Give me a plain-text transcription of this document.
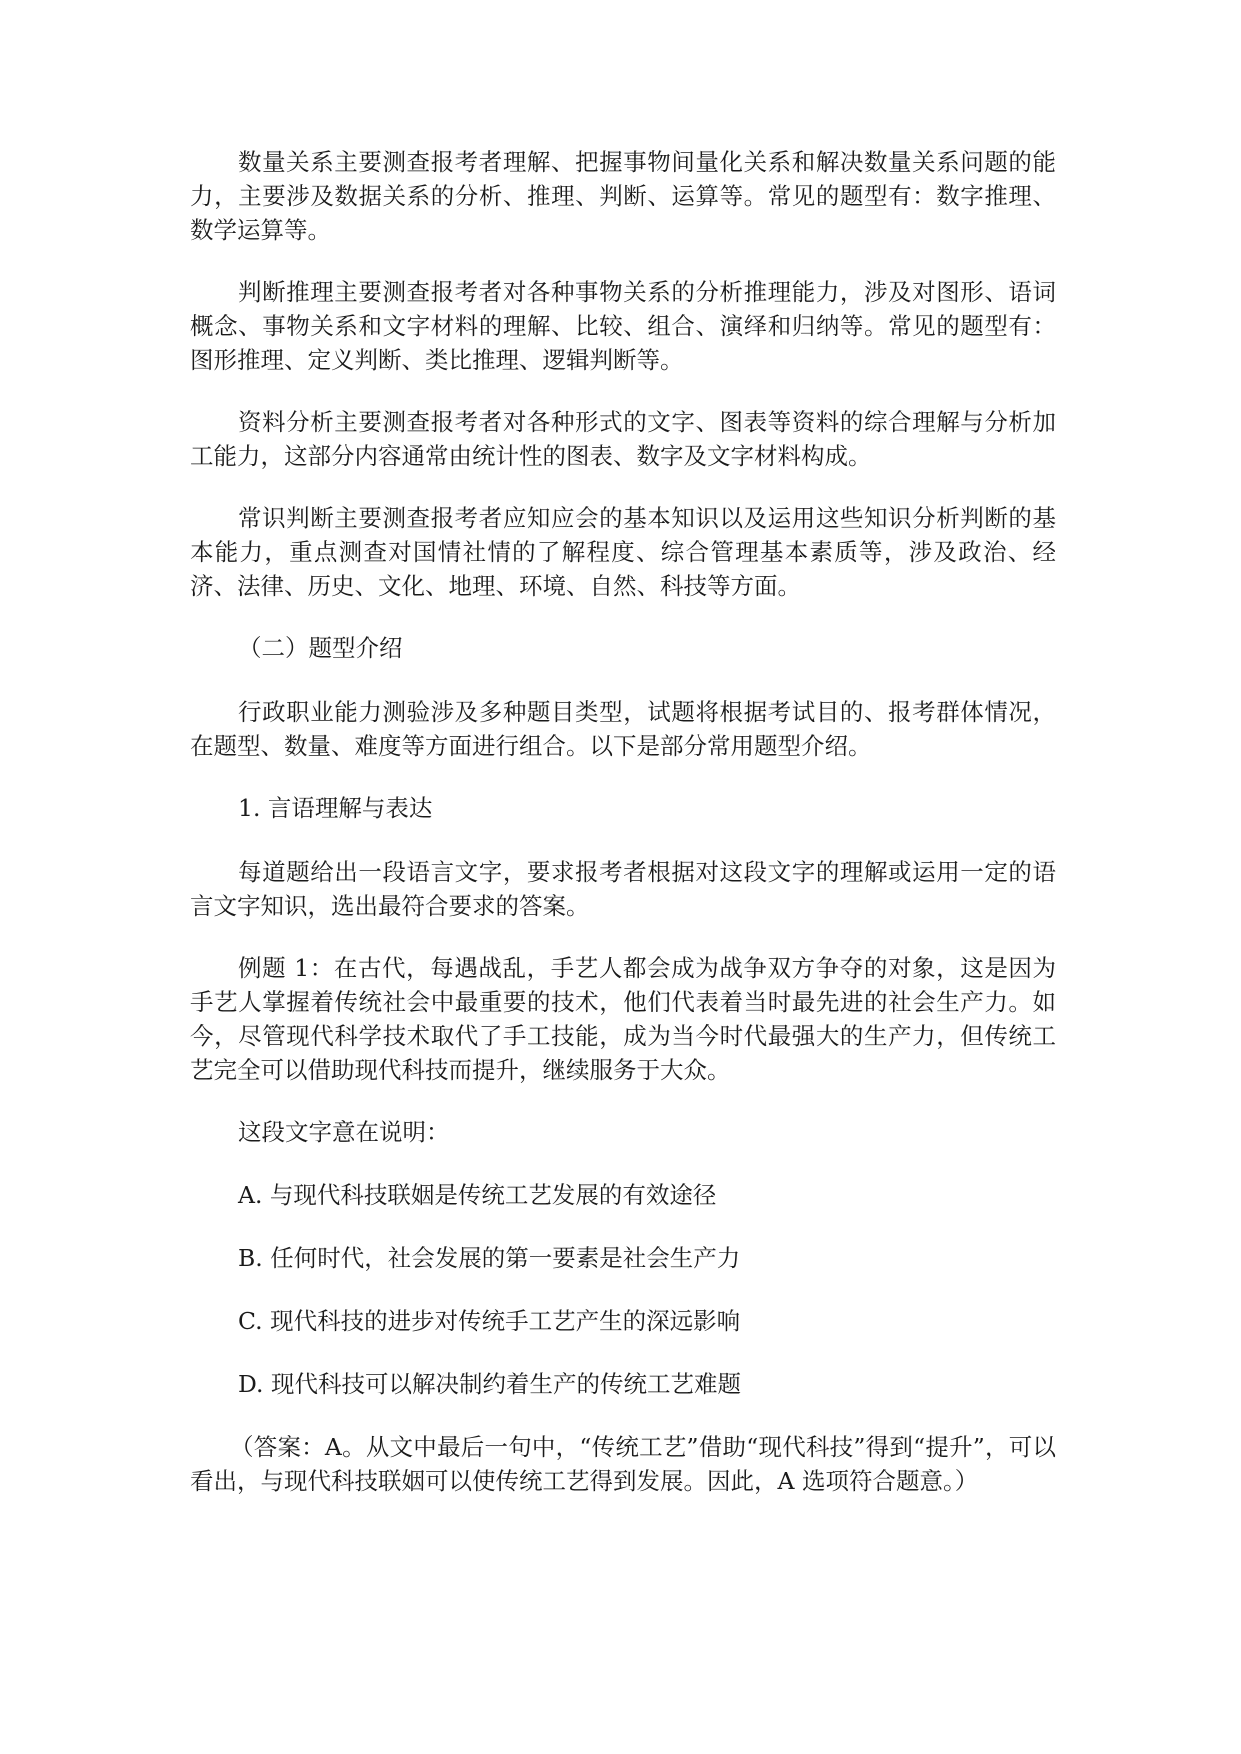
数量关系主要测查报考者理解、把握事物间量化关系和解决数量关系问题的能力，主要涉及数据关系的分析、推理、判断、运算等。常见的题型有：数字推理、数学运算等。

判断推理主要测查报考者对各种事物关系的分析推理能力，涉及对图形、语词概念、事物关系和文字材料的理解、比较、组合、演绎和归纳等。常见的题型有：图形推理、定义判断、类比推理、逻辑判断等。

资料分析主要测查报考者对各种形式的文字、图表等资料的综合理解与分析加工能力，这部分内容通常由统计性的图表、数字及文字材料构成。

常识判断主要测查报考者应知应会的基本知识以及运用这些知识分析判断的基本能力，重点测查对国情社情的了解程度、综合管理基本素质等，涉及政治、经济、法律、历史、文化、地理、环境、自然、科技等方面。

（二）题型介绍

行政职业能力测验涉及多种题目类型，试题将根据考试目的、报考群体情况，在题型、数量、难度等方面进行组合。以下是部分常用题型介绍。

1. 言语理解与表达

每道题给出一段语言文字，要求报考者根据对这段文字的理解或运用一定的语言文字知识，选出最符合要求的答案。

例题 1：在古代，每遇战乱，手艺人都会成为战争双方争夺的对象，这是因为手艺人掌握着传统社会中最重要的技术，他们代表着当时最先进的社会生产力。如今，尽管现代科学技术取代了手工技能，成为当今时代最强大的生产力，但传统工艺完全可以借助现代科技而提升，继续服务于大众。

这段文字意在说明：

A. 与现代科技联姻是传统工艺发展的有效途径

B. 任何时代，社会发展的第一要素是社会生产力

C. 现代科技的进步对传统手工艺产生的深远影响

D. 现代科技可以解决制约着生产的传统工艺难题

（答案：A。从文中最后一句中，“传统工艺”借助“现代科技”得到“提升”，可以看出，与现代科技联姻可以使传统工艺得到发展。因此，A 选项符合题意。）
